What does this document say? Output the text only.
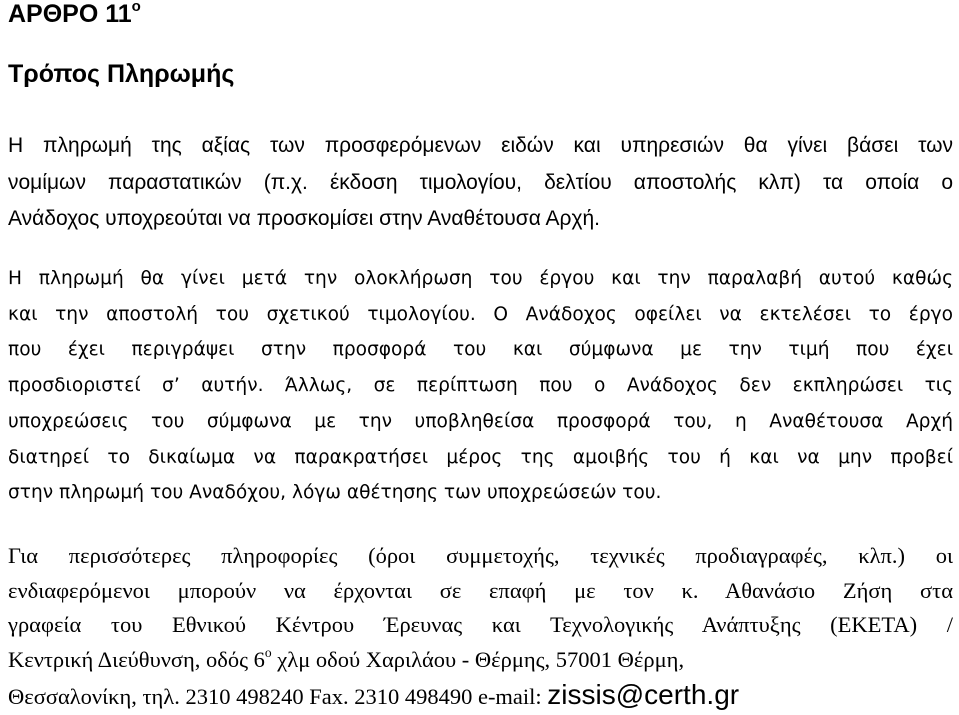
ΑΡΘΡΟ $11^o$
Τρόπος Πληρωμής
Η πληρωμή της αξίας των προσφερόμενων ειδών και υπηρεσιών θα γίνει βάσει των
νομίμων παραστατικών (π.χ. έκδοση τιμολογίου, δελτίου αποστολής κλπ) τα οποία ο
Ανάδοχος υποχρεούται να προσκομίσει στην Αναθέτουσα Αρχή.
Η πληρωμή θα γίνει μετά την ολοκλήρωση του έργου και την παραλαβή αυτού καθώς
και την αποστολή του σχετικού τιμολογίου. Ο Ανάδοχος οφείλει να εκτελέσει το έργο
που έχει περιγράψει στην προσφορά του και σύμφωνα με την τιμή που έχει
προσδιοριστεί σ’ αυτήν. Άλλως, σε περίπτωση που ο Ανάδοχος δεν εκπληρώσει τις
υποχρεώσεις του σύμφωνα με την υποβληθείσα προσφορά του, η Αναθέτουσα Αρχή
διατηρεί το δικαίωμα να παρακρατήσει μέρος της αμοιβής του ή και να μην προβεί
στην πληρωμή του Αναδόχου, λόγω αθέτησης των υποχρεώσεών του.
Για περισσότερες πληροφορίες (όροι συμμετοχής, τεχνικές προδιαγραφές, κλπ.) οι
ενδιαφερόμενοι μπορούν να έρχονται σε επαφή με τον κ. Αθανάσιο Ζήση στα
γραφεία του Εθνικού Κέντρου Έρευνας και Τεχνολογικής Ανάπτυξης (ΕΚΕΤΑ) /
Κεντρική Διεύθυνση, οδός $6^o$ χλμ οδού Χαριλάου - Θέρμης, 57001 Θέρμη,
Θεσσαλονίκη, τηλ. 2310 498240 Fax. 2310 498490 e-mail: zissis@certh.gr
